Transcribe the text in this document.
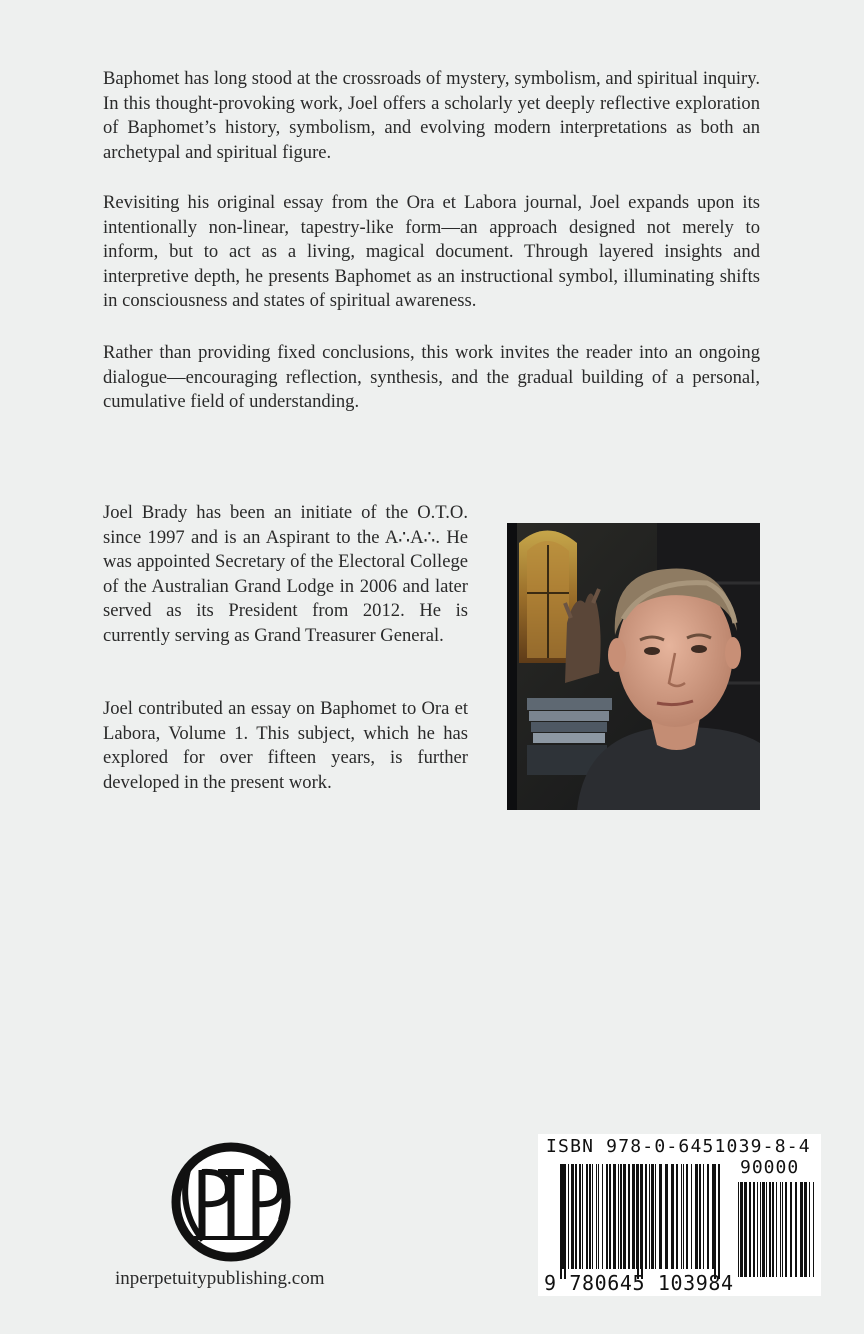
Baphomet has long stood at the crossroads of mystery, symbolism, and spiritual inquiry. In this thought-provoking work, Joel offers a scholarly yet deeply reflective exploration of Baphomet’s history, symbolism, and evolving modern interpretations as both an archetypal and spiritual figure.

Revisiting his original essay from the Ora et Labora journal, Joel expands upon its intentionally non-linear, tapestry-like form—an approach designed not merely to inform, but to act as a living, magical document. Through layered insights and interpretive depth, he presents Baphomet as an instructional symbol, illuminating shifts in consciousness and states of spiritual awareness.

Rather than providing fixed conclusions, this work invites the reader into an ongoing dialogue—encouraging reflection, synthesis, and the gradual building of a personal, cumulative field of understanding.

Joel Brady has been an initiate of the O.T.O. since 1997 and is an Aspirant to the A∴A∴. He was appointed Secretary of the Electoral College of the Australian Grand Lodge in 2006 and later served as its President from 2012. He is currently serving as Grand Treasurer General.

Joel contributed an essay on Baphomet to Ora et Labora, Volume 1. This subject, which he has explored for over fifteen years, is further developed in the present work.

inperpetuitypublishing.com

ISBN 978-0-6451039-8-4
90000
9 780645 103984
